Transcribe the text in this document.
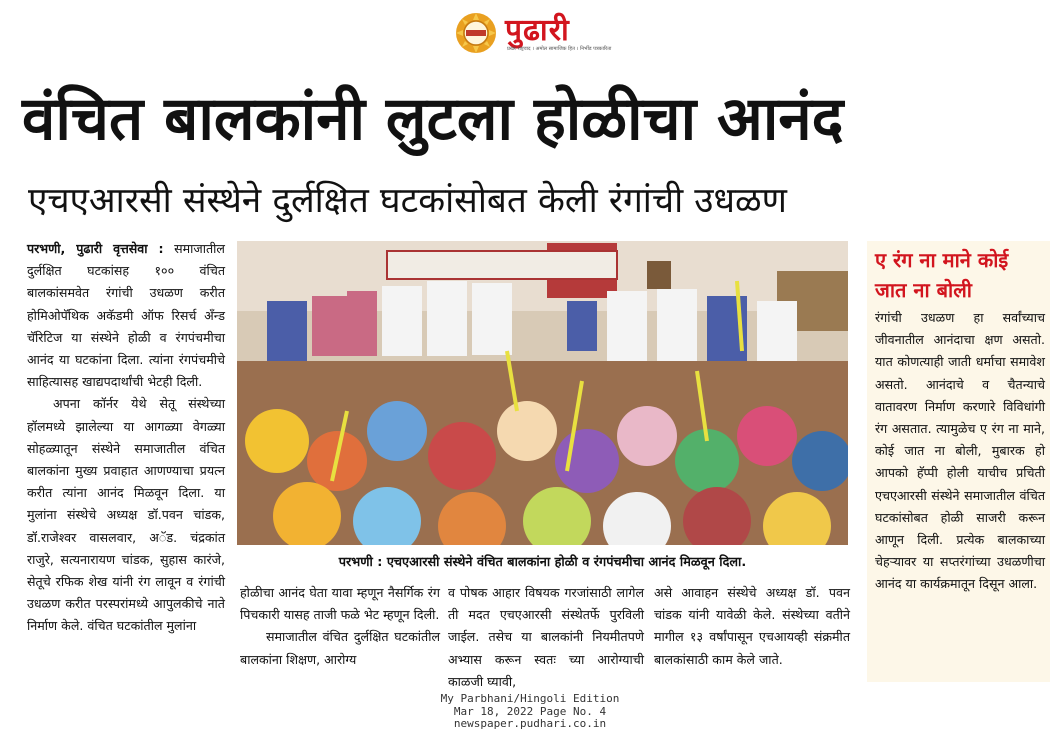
पुढारी
प्रखर राष्ट्रवाद । अमोल सामाजिक हित । निर्भीड पत्रकारिता
वंचित बालकांनी लुटला होळीचा आनंद
एचएआरसी संस्थेने दुर्लक्षित घटकांसोबत केली रंगांची उधळण

परभणी, पुढारी वृत्तसेवा : समाजातील दुर्लक्षित घटकांसह १०० वंचित बालकांसमवेत रंगांची उधळण करीत होमिओपॅथिक अकॅडमी ऑफ रिसर्च अँन्ड चॅरिटिज या संस्थेने होळी व रंगपंचमीचा आनंद या घटकांना दिला. त्यांना रंगपंचमीचे साहित्यासह खाद्यपदार्थांची भेटही दिली.

अपना कॉर्नर येथे सेतू संस्थेच्या हॉलमध्ये झालेल्या या आगळ्या वेगळ्या सोहळ्यातून संस्थेने समाजातील वंचित बालकांना मुख्य प्रवाहात आणण्याचा प्रयत्न करीत त्यांना आनंद मिळवून दिला. या मुलांना संस्थेचे अध्यक्ष डॉ.पवन चांडक, डॉ.राजेश्वर वासलवार, अॅड. चंद्रकांत राजुरे, सत्यनारायण चांडक, सुहास कारंजे, सेतूचे रफिक शेख यांनी रंग लावून व रंगांची उधळण करीत परस्परांमध्ये आपुलकीचे नाते निर्माण केले. वंचित घटकांतील मुलांना

परभणी : एचएआरसी संस्थेने वंचित बालकांना होळी व रंगपंचमीचा आनंद मिळवून दिला.

होळीचा आनंद घेता यावा म्हणून नैसर्गिक रंग पिचकारी यासह ताजी फळे भेट म्हणून दिली.

समाजातील वंचित दुर्लक्षित घटकांतील बालकांना शिक्षण, आरोग्य

व पोषक आहार विषयक गरजांसाठी लागेल ती मदत एचएआरसी संस्थेतर्फे पुरविली जाईल. तसेच या बालकांनी नियमीतपणे अभ्यास करून स्वतः च्या आरोग्याची काळजी घ्यावी,

असे आवाहन संस्थेचे अध्यक्ष डॉ. पवन चांडक यांनी यावेळी केले. संस्थेच्या वतीने मागील १३ वर्षांपासून एचआयव्ही संक्रमीत बालकांसाठी काम केले जाते.

ए रंग ना माने कोई जात ना बोली
रंगांची उधळण हा सर्वांच्याच जीवनातील आनंदाचा क्षण असतो. यात कोणत्याही जाती धर्माचा समावेश असतो. आनंदाचे व चैतन्याचे वातावरण निर्माण करणारे विविधांगी रंग असतात. त्यामुळेच ए रंग ना माने, कोई जात ना बोली, मुबारक हो आपको हॅप्पी होली याचीच प्रचिती एचएआरसी संस्थेने समाजातील वंचित घटकांसोबत होळी साजरी करून आणून दिली. प्रत्येक बालकाच्या चेहऱ्यावर या सप्तरंगांच्या उधळणीचा आनंद या कार्यक्रमातून दिसून आला.
My Parbhani/Hingoli Edition
Mar 18, 2022 Page No. 4
newspaper.pudhari.co.in
